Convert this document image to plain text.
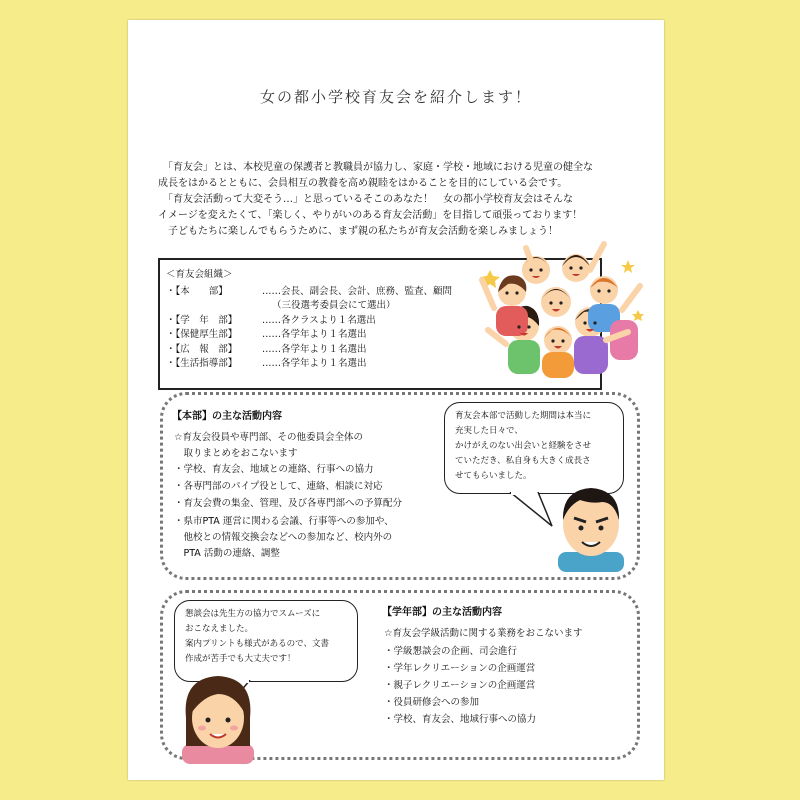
女の都小学校育友会を紹介します！

　「育友会」とは、本校児童の保護者と教職員が協力し、家庭・学校・地域における児童の健全な

成長をはかるとともに、会員相互の教養を高め親睦をはかることを目的にしている会です。

　「育友会活動って大変そう…」と思っているそこのあなた！　女の都小学校育友会はそんな

イメージを変えたくて、「楽しく、やりがいのある育友会活動」を目指して頑張っております！

　子どもたちに楽しんでもらうために、まず親の私たちが育友会活動を楽しみましょう！

＜育友会組織＞
・【本　　部】	……会長、副会長、会計、庶務、監査、顧問
（三役選考委員会にて選出）
・【学　年　部】	……各クラスより１名選出
・【保健厚生部】	……各学年より１名選出
・【広　報　部】	……各学年より１名選出
・【生活指導部】	……各学年より１名選出
【本部】の主な活動内容
☆育友会役員や専門部、その他委員会全体の
　取りまとめをおこないます
・学校、育友会、地域との連絡、行事への協力
・各専門部のパイプ役として、連絡、相談に対応
・育友会費の集金、管理、及び各専門部への予算配分
・県市PTA 運営に関わる会議、行事等への参加や、
　他校との情報交換会などへの参加など、校内外の
　PTA 活動の連絡、調整

育友会本部で活動した期間は本当に

充実した日々で、

かけがえのない出会いと経験をさせ

ていただき、私自身も大きく成長さ

せてもらいました。

【学年部】の主な活動内容
☆育友会学級活動に関する業務をおこないます
・学級懇談会の企画、司会進行
・学年レクリエーションの企画運営
・親子レクリエーションの企画運営
・役員研修会への参加
・学校、育友会、地域行事への協力

懇談会は先生方の協力でスムーズに

おこなえました。

案内プリントも様式があるので、文書

作成が苦手でも大丈夫です！
